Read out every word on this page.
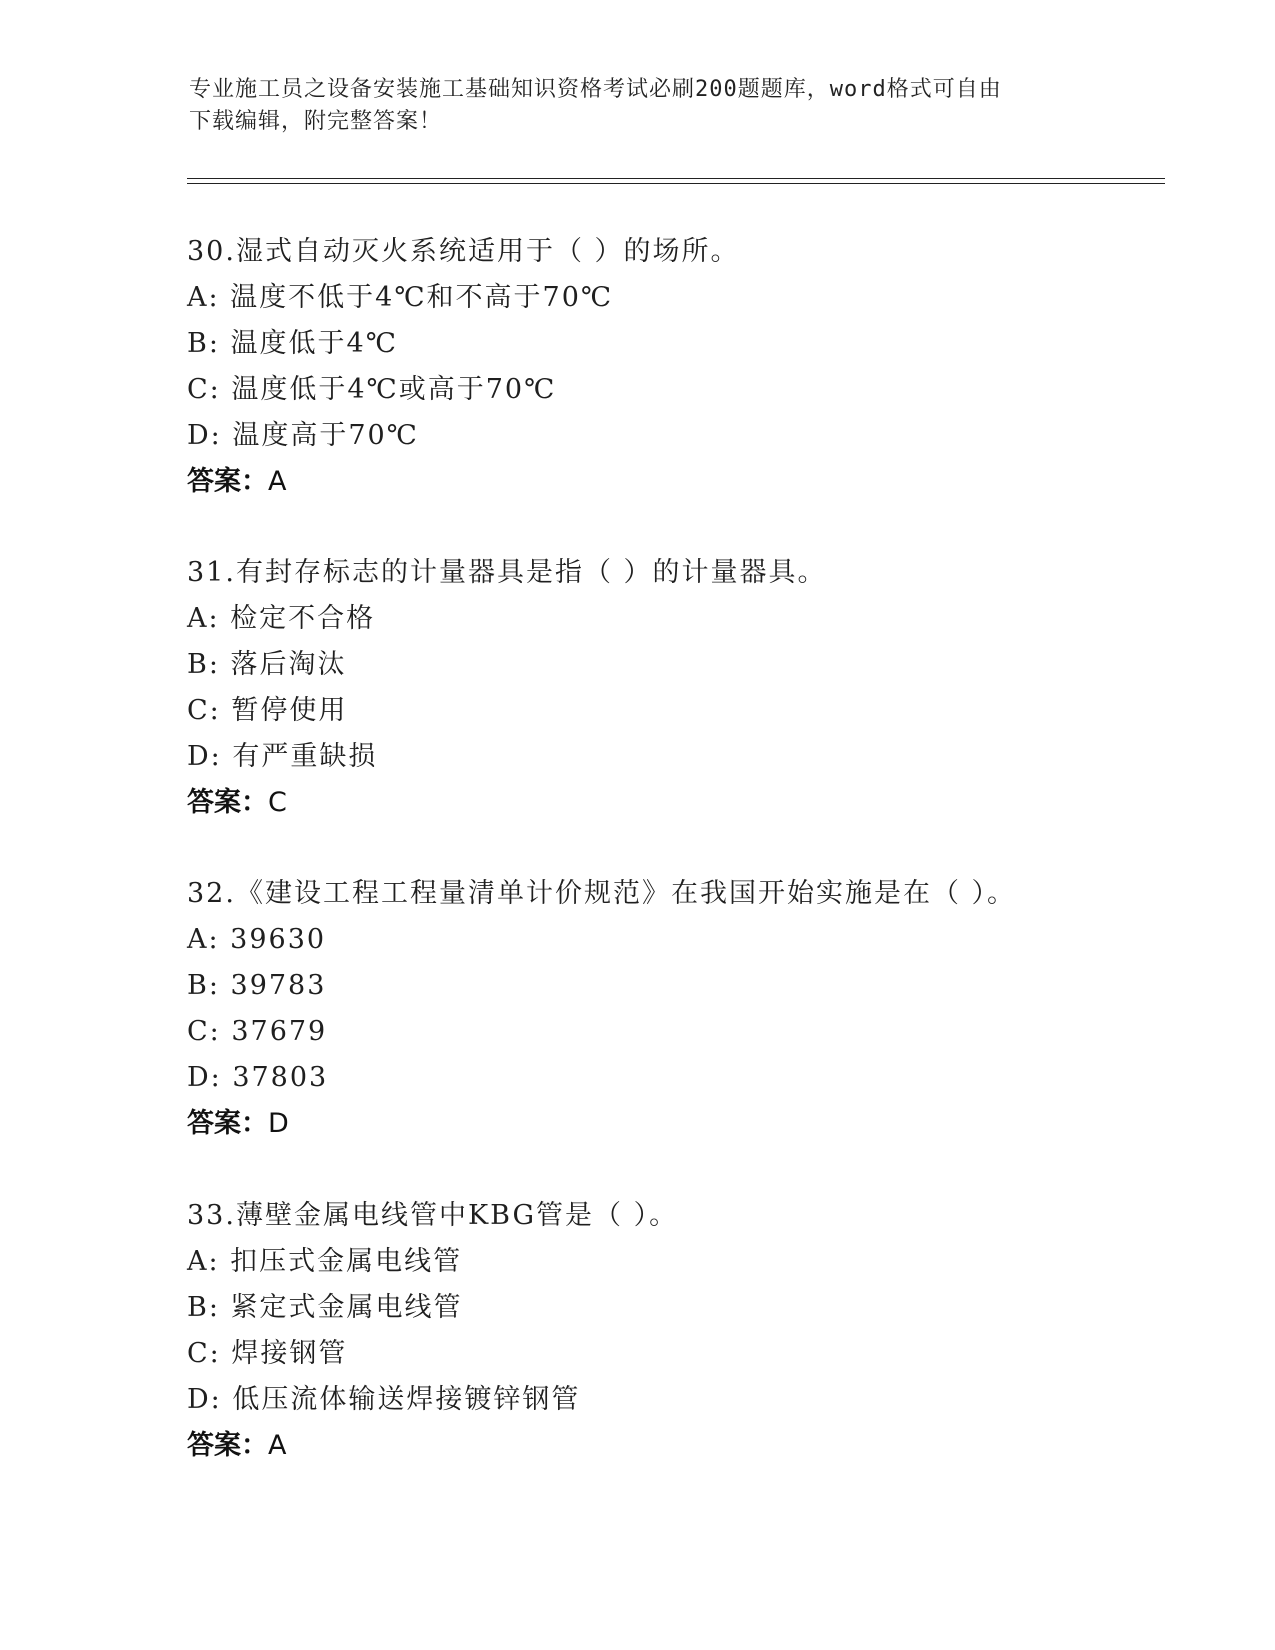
专业施工员之设备安装施工基础知识资格考试必刷200题题库，word格式可自由
下载编辑，附完整答案！
30.湿式自动灭火系统适用于（ ）的场所。
A: 温度不低于4℃和不高于70℃
B: 温度低于4℃
C: 温度低于4℃或高于70℃
D: 温度高于70℃
答案：A
31.有封存标志的计量器具是指（ ）的计量器具。
A: 检定不合格
B: 落后淘汰
C: 暂停使用
D: 有严重缺损
答案：C
32.《建设工程工程量清单计价规范》在我国开始实施是在（ ）。
A: 39630
B: 39783
C: 37679
D: 37803
答案：D
33.薄壁金属电线管中KBG管是（ ）。
A: 扣压式金属电线管
B: 紧定式金属电线管
C: 焊接钢管
D: 低压流体输送焊接镀锌钢管
答案：A
